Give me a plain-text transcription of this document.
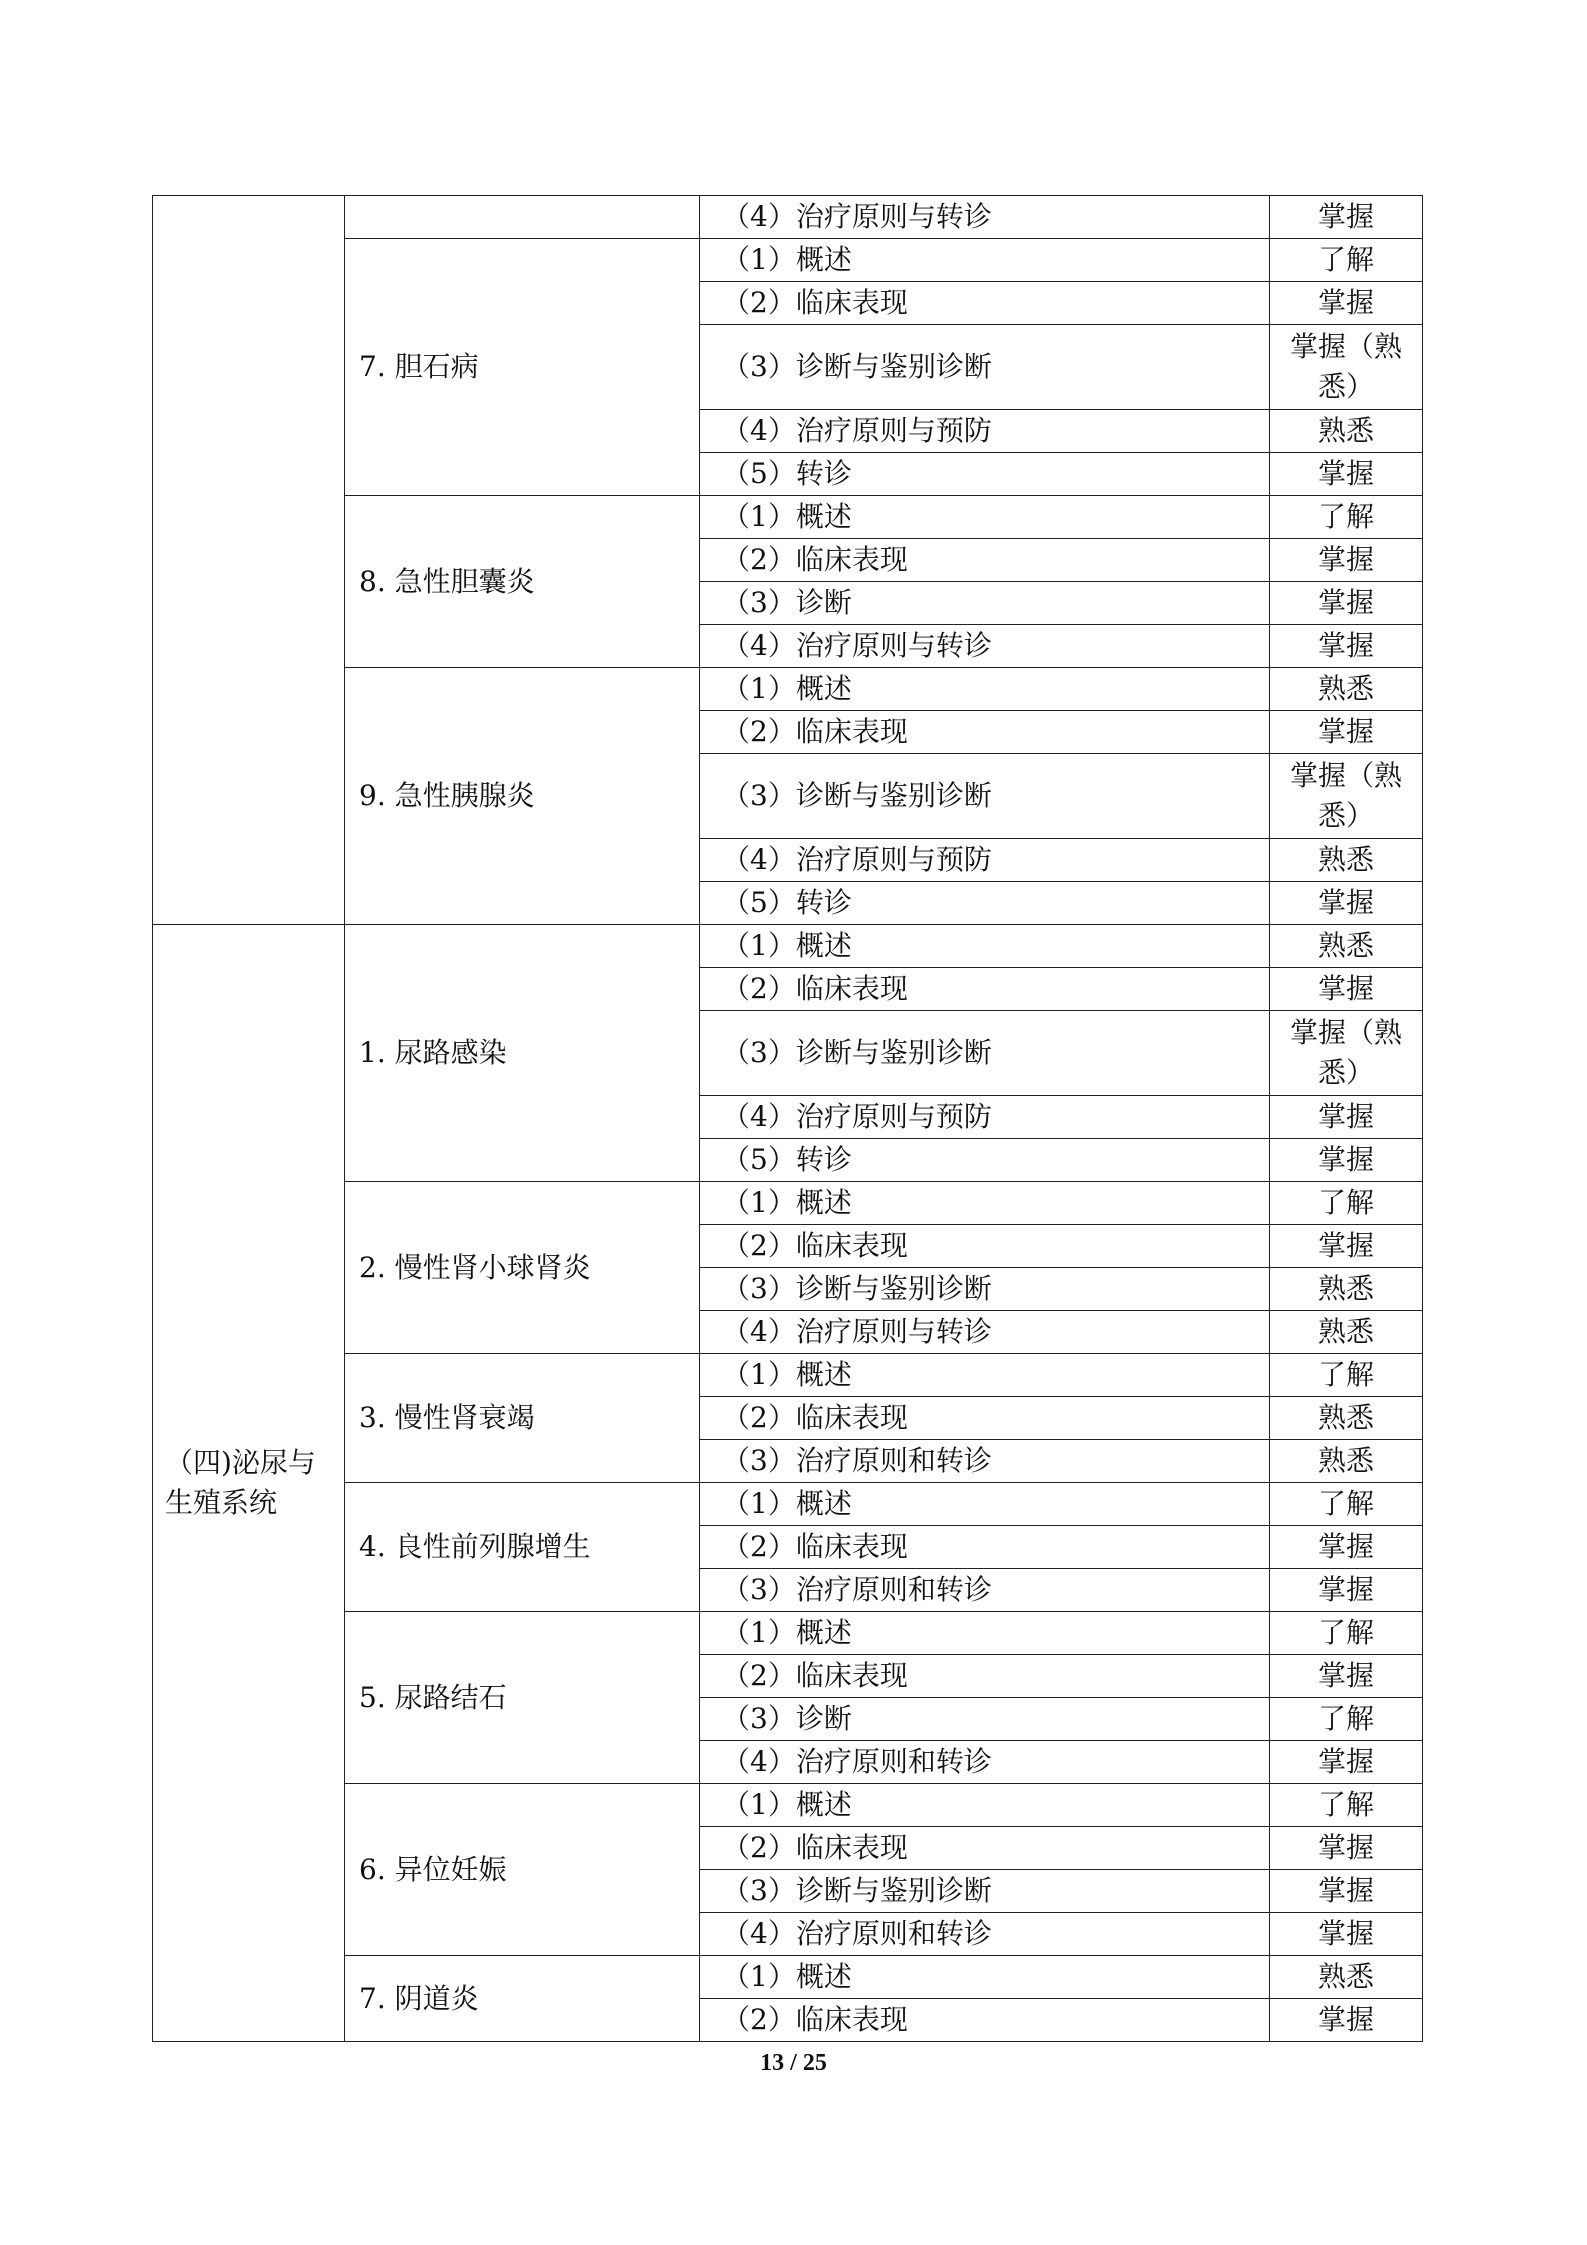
		（4）治疗原则与转诊	掌握
	7. 胆石病	（1）概述	了解
		（2）临床表现	掌握
		（3）诊断与鉴别诊断	掌握（熟悉）
		（4）治疗原则与预防	熟悉
		（5）转诊	掌握
	8. 急性胆囊炎	（1）概述	了解
		（2）临床表现	掌握
		（3）诊断	掌握
		（4）治疗原则与转诊	掌握
	9. 急性胰腺炎	（1）概述	熟悉
		（2）临床表现	掌握
		（3）诊断与鉴别诊断	掌握（熟悉）
		（4）治疗原则与预防	熟悉
		（5）转诊	掌握
（四)泌尿与生殖系统	1. 尿路感染	（1）概述	熟悉
		（2）临床表现	掌握
		（3）诊断与鉴别诊断	掌握（熟悉）
		（4）治疗原则与预防	掌握
		（5）转诊	掌握
	2. 慢性肾小球肾炎	（1）概述	了解
		（2）临床表现	掌握
		（3）诊断与鉴别诊断	熟悉
		（4）治疗原则与转诊	熟悉
	3. 慢性肾衰竭	（1）概述	了解
		（2）临床表现	熟悉
		（3）治疗原则和转诊	熟悉
	4. 良性前列腺增生	（1）概述	了解
		（2）临床表现	掌握
		（3）治疗原则和转诊	掌握
	5. 尿路结石	（1）概述	了解
		（2）临床表现	掌握
		（3）诊断	了解
		（4）治疗原则和转诊	掌握
	6. 异位妊娠	（1）概述	了解
		（2）临床表现	掌握
		（3）诊断与鉴别诊断	掌握
		（4）治疗原则和转诊	掌握
	7. 阴道炎	（1）概述	熟悉
		（2）临床表现	掌握
13 / 25
